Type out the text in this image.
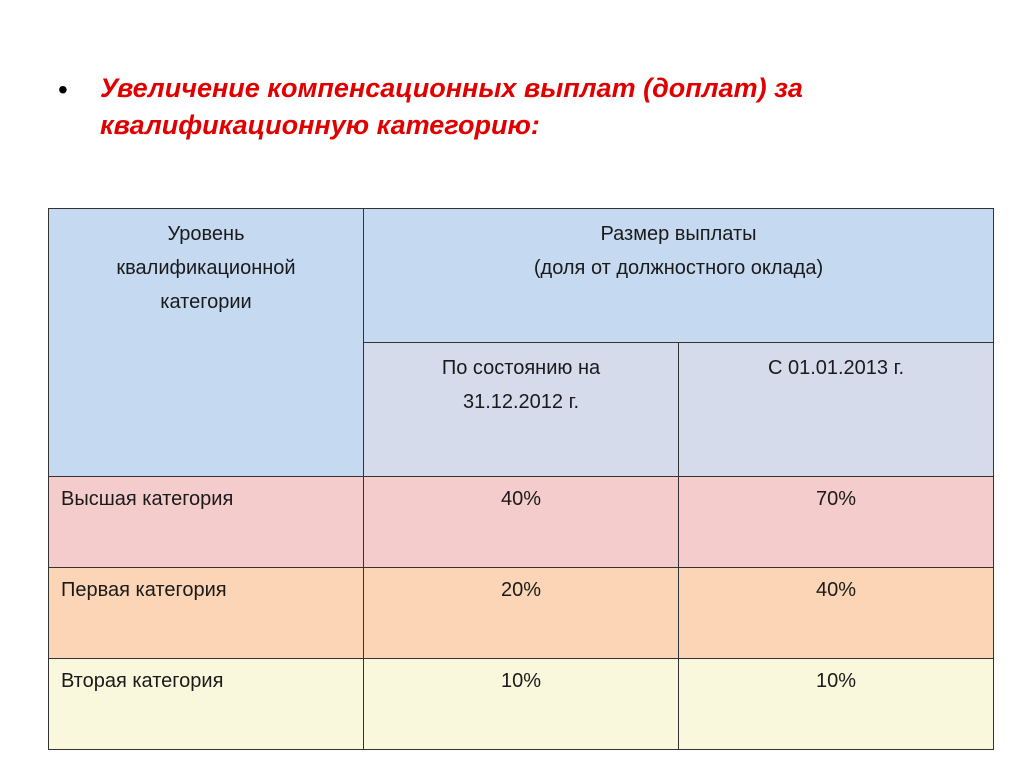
• Увеличение компенсационных выплат (доплат) за
квалификационную категорию:
Уровень
квалификационной
категории	Размер выплаты
(доля от должностного оклада)	

	По состоянию на
31.12.2012 г.	С 01.01.2013 г.

Высшая категория	40%	70%
Первая категория	20%	40%
Вторая категория	10%	10%
